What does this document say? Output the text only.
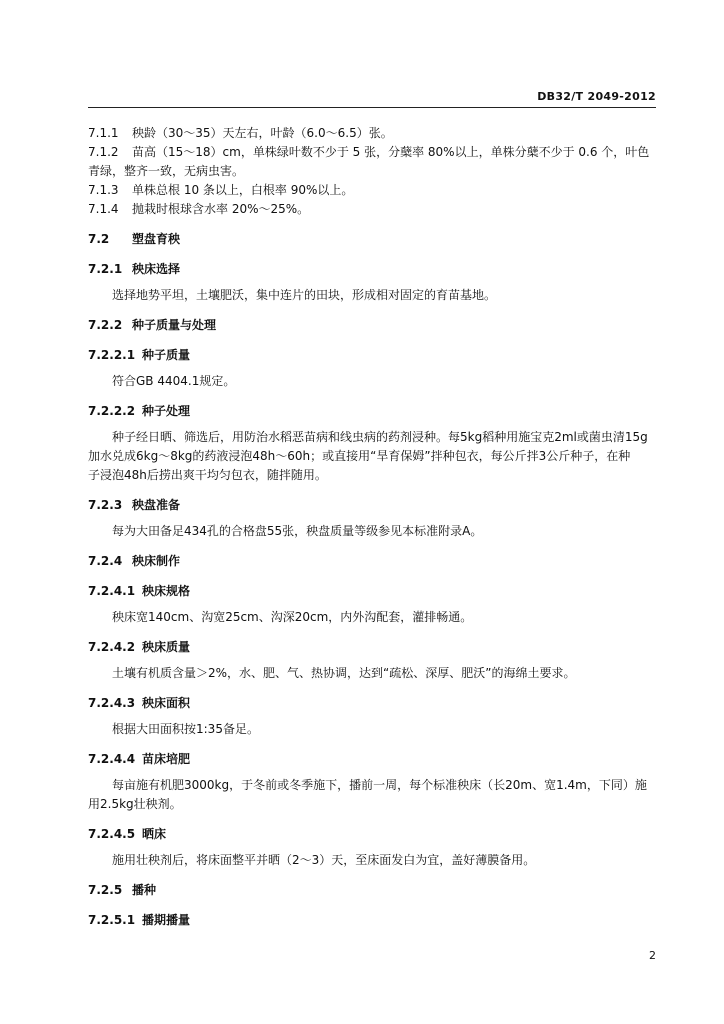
DB32/T 2049-2012

7.1.1 秧龄（30～35）天左右，叶龄（6.0～6.5）张。

7.1.2 苗高（15～18）cm，单株绿叶数不少于 5 张，分蘖率 80%以上，单株分蘖不少于 0.6 个，叶色

青绿，整齐一致，无病虫害。

7.1.3 单株总根 10 条以上，白根率 90%以上。

7.1.4 抛栽时根球含水率 20%～25%。

7.2 塑盘育秧

7.2.1 秧床选择

选择地势平坦，土壤肥沃，集中连片的田块，形成相对固定的育苗基地。

7.2.2 种子质量与处理

7.2.2.1 种子质量

符合GB 4404.1规定。

7.2.2.2 种子处理

种子经日晒、筛选后，用防治水稻恶苗病和线虫病的药剂浸种。每5kg稻种用施宝克2ml或菌虫清15g

加水兑成6kg～8kg的药液浸泡48h～60h；或直接用“旱育保姆”拌种包衣，每公斤拌3公斤种子，在种

子浸泡48h后捞出爽干均匀包衣，随拌随用。

7.2.3 秧盘准备

每为大田备足434孔的合格盘55张，秧盘质量等级参见本标准附录A。

7.2.4 秧床制作

7.2.4.1 秧床规格

秧床宽140cm、沟宽25cm、沟深20cm，内外沟配套，灌排畅通。

7.2.4.2 秧床质量

土壤有机质含量＞2%，水、肥、气、热协调，达到“疏松、深厚、肥沃”的海绵土要求。

7.2.4.3 秧床面积

根据大田面积按1:35备足。

7.2.4.4 苗床培肥

每亩施有机肥3000kg，于冬前或冬季施下，播前一周，每个标准秧床（长20m、宽1.4m，下同）施

用2.5kg壮秧剂。

7.2.4.5 晒床

施用壮秧剂后，将床面整平并晒（2～3）天，至床面发白为宜，盖好薄膜备用。

7.2.5 播种

7.2.5.1 播期播量

2
